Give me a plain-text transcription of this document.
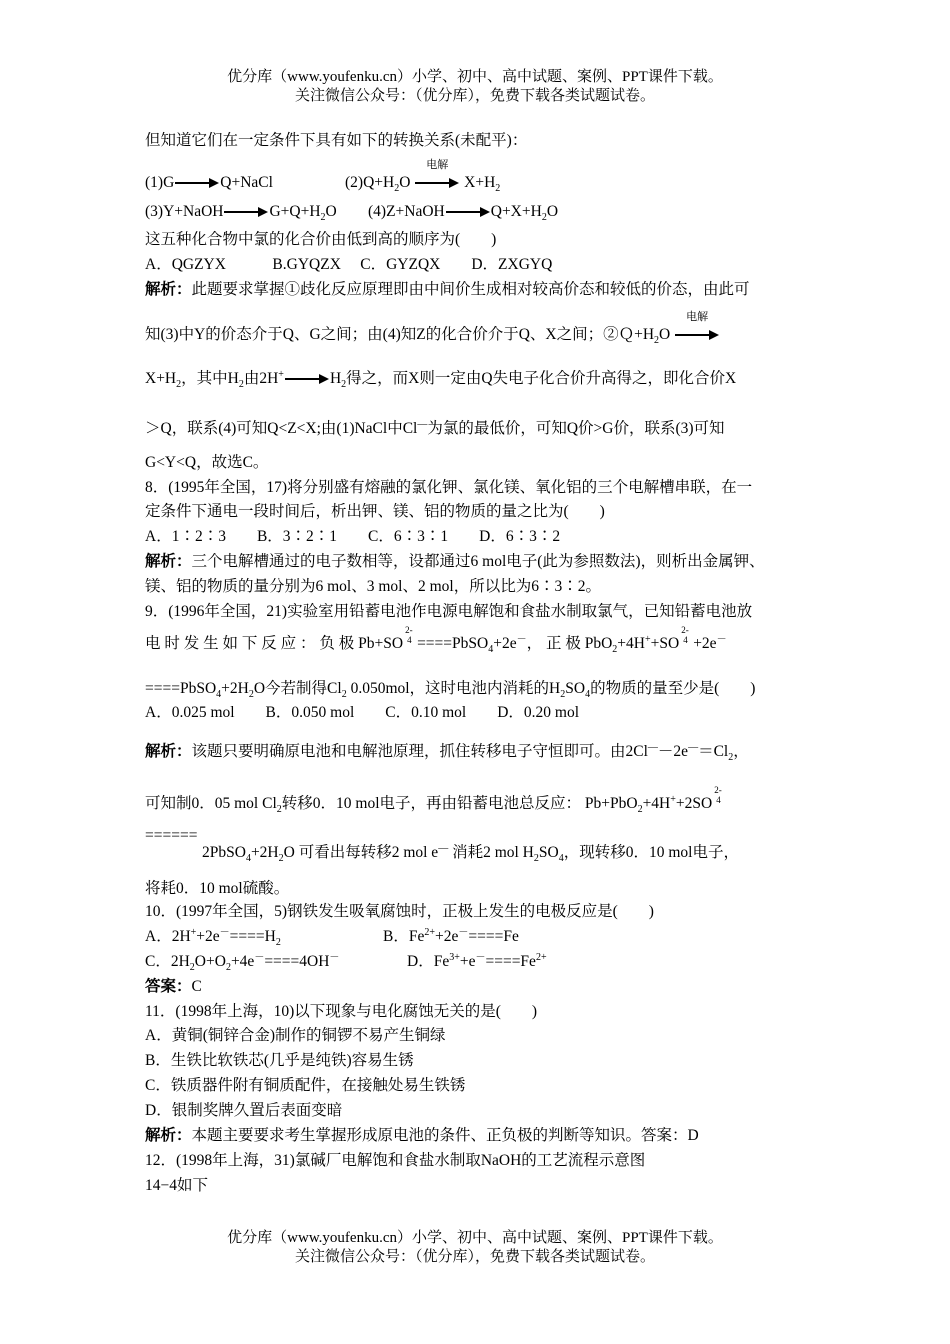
优分库（www.youfenku.cn）小学、初中、高中试题、案例、PPT课件下载。
关注微信公众号：（优分库），免费下载各类试题试卷。
但知道它们在一定条件下具有如下的转换关系(未配平)：
(1)G	Q+NaCl	$(2)Q+H_2O$
电解
$X+H_2$
(3)Y+NaOH	$G+Q+H_2O$ (4)Z+NaOH	$Q+X+H_2O$
这五种化合物中氯的化合价由低到高的顺序为(　　)
A．QGZYX　　　B.GYQZX　 C．GYZQX　　D．ZXGYQ
解析：此题要求掌握①歧化反应原理即由中间价生成相对较高价态和较低的价态，由此可
知(3)中Y的价态介于Q、G之间；由(4)知Z的化合价介于Q、X之间；$②Q+H_2O$
电解
$X+H_2$，其中$H_2$由2H+	$H_2$得之，而X则一定由Q失电子化合价升高得之，即化合价X
＞Q，联系(4)可知Q<Z<X;由(1)NaCl中Cl—为氯的最低价，可知Q价>G价，联系(3)可知
G<Y<Q，故选C。
8．(1995年全国，17)将分别盛有熔融的氯化钾、氯化镁、氧化铝的三个电解槽串联，在一
定条件下通电一段时间后，析出钾、镁、铝的物质的量之比为(　　)
A．1∶2∶3　　B．3∶2∶1　　C．6∶3∶1　　D．6∶3∶2
解析：三个电解槽通过的电子数相等，设都通过6 mol电子(此为参照数法)，则析出金属钾、
镁、铝的物质的量分别为6 mol、3 mol、2 mol，所以比为6∶3∶2。
9．(1996年全国，21)实验室用铅蓄电池作电源电解饱和食盐水制取氯气，已知铅蓄电池放
电 时 发 生 如 下 反 应 ： 负 极 Pb+SO
2-
4 ====PbSO$_4$+2e－， 正 极 PbO$_2$+4H++SO
2-
4 +2e－
$====PbSO_4+2H_2O$今若制得$Cl_2$ 0.050mol，这时电池内消耗的$H_2SO_4$的物质的量至少是(　　)
A．0.025 mol　　B．0.050 mol　　C．0.10 mol　　D．0.20 mol
解析：该题只要明确原电池和电解池原理，抓住转移电子守恒即可。由$2Cl^—-2e^—=Cl_2$，
可知制0．05 mol $Cl_2$转移0．10 mol电子，再由铅蓄电池总反应： Pb+PbO$_2$+4H++2SO
2-
4
======
$2PbSO_4+2H_2O$ 可看出每转移2 mol e— 消耗2 mol $H_2SO_4$，现转移0．10 mol电子，
将耗0．10 mol硫酸。
10．(1997年全国，5)钢铁发生吸氧腐蚀时，正极上发生的电极反应是(　　)
A．$2H^++2e^-====H_2$	B．$Fe^{2+}+2e^-====Fe$
C．$2H_2O+O_2+4e^-====4OH^-$	D．$Fe^{3+}+e^-====Fe^{2+}$
答案：C
11．(1998年上海，10)以下现象与电化腐蚀无关的是(　　)
A．黄铜(铜锌合金)制作的铜锣不易产生铜绿
B．生铁比软铁芯(几乎是纯铁)容易生锈
C．铁质器件附有铜质配件，在接触处易生铁锈
D．银制奖牌久置后表面变暗
解析：本题主要要求考生掌握形成原电池的条件、正负极的判断等知识。答案：D
12．(1998年上海，31)氯碱厂电解饱和食盐水制取NaOH的工艺流程示意图
14−4如下
优分库（www.youfenku.cn）小学、初中、高中试题、案例、PPT课件下载。
关注微信公众号：（优分库），免费下载各类试题试卷。
